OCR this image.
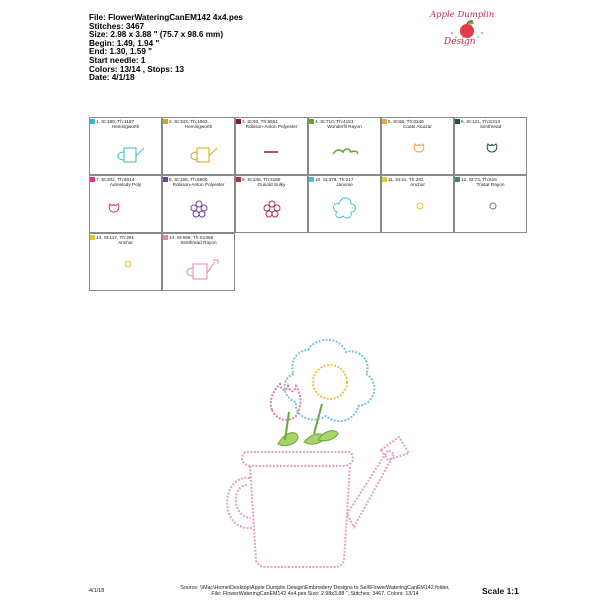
File: FlowerWateringCanEM142 4x4.pes
Stitches: 3467
Size: 2.98 x 3.88 " (75.7 x 98.6 mm)
Begin: 1.49, 1.94 "
End: 1.30, 1.59 "
Start needle: 1
Colors: 13/14 , Stops: 13
Date: 4/1/18
Apple Dumplin
Design
1. St:180, Th:1187
Hemingworth
2. St:343, Th:1063
Hemingworth
3. St:93, Th:5561
Robison-Anton Polyester
4. St:710, Th:4151
Wonderfil Rayon
5. St:66, Th:0246
Coats Alcazar
6. St:121, Th:S313
Simthread
7. St:202, Th:6014
Admelody Poly
8. St:158, Th:5800
Robison-Anton Polyester
9. St:246, Th:3169
Gunold Sulky
10. St:378, Th:217
Janome
11. St:41, Th:291
Anchor
12. St:73, Th:616
Tristar Rayon
13. St:117, Th:291
Anchor
14. St:696, Th:S1358
Simthread Rayon
Source: \\Mac\Home\Desktop\Apple Dumplin Design\Embroidery Designs to Sell\FlowerWateringCanEM142 folder,
File: FlowerWateringCanEM142 4x4.pes Size: 2.98x3.88 ", Stitches: 3467, Colors: 13/14
4/1/18	Scale 1:1
